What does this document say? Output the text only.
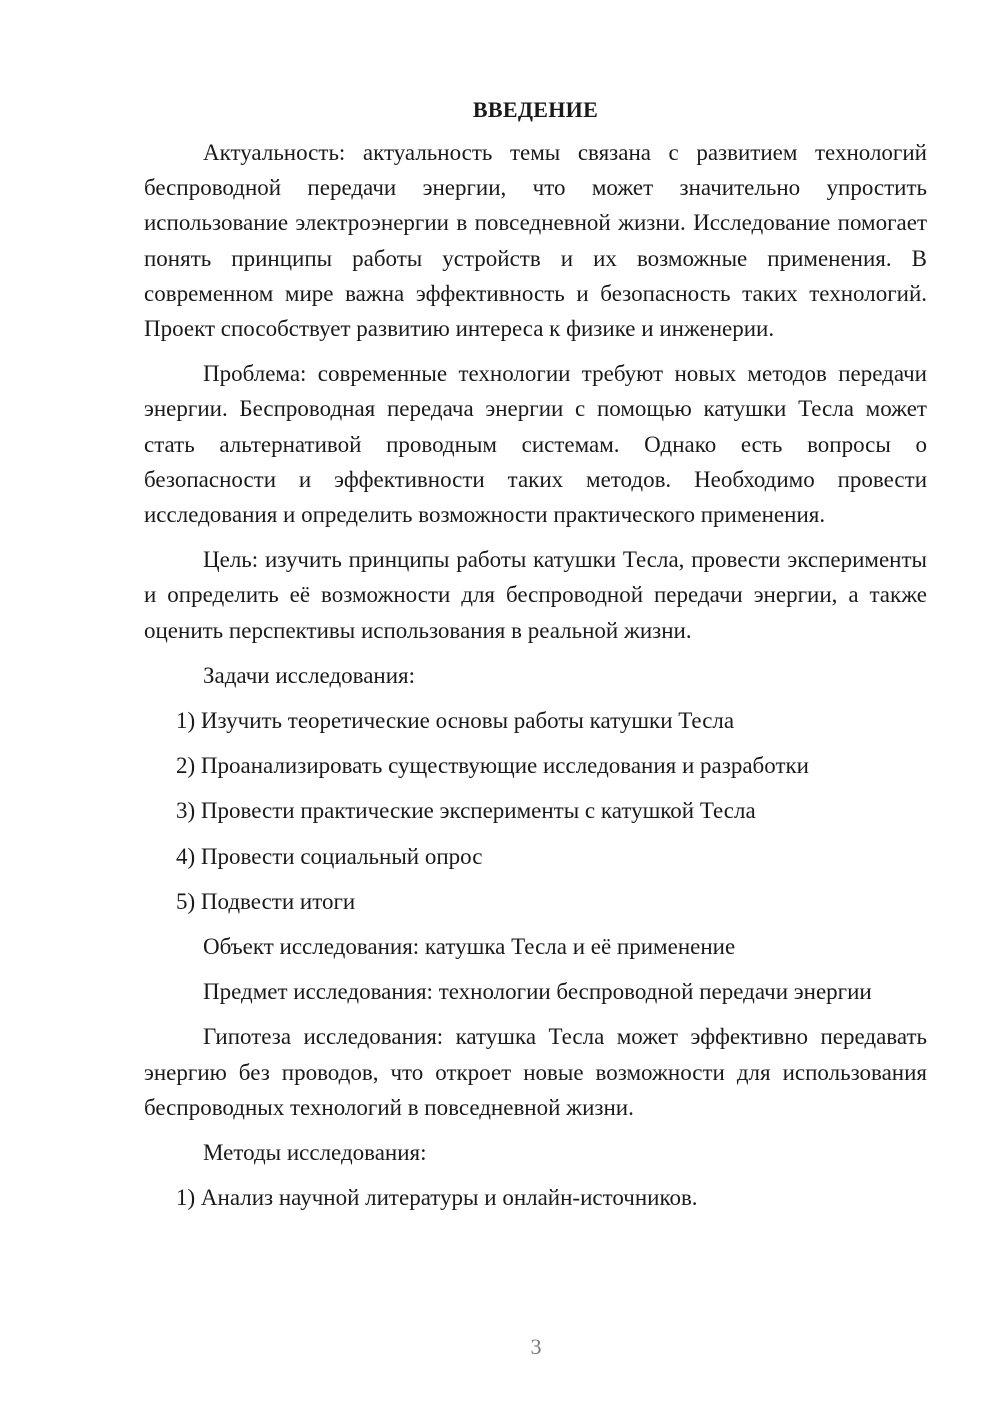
ВВЕДЕНИЕ

Актуальность: актуальность темы связана с развитием технологий беспроводной передачи энергии, что может значительно упростить использование электроэнергии в повседневной жизни. Исследование помогает понять принципы работы устройств и их возможные применения. В современном мире важна эффективность и безопасность таких технологий. Проект способствует развитию интереса к физике и инженерии.

Проблема: современные технологии требуют новых методов передачи энергии. Беспроводная передача энергии с помощью катушки Тесла может стать альтернативой проводным системам. Однако есть вопросы о безопасности и эффективности таких методов. Необходимо провести исследования и определить возможности практического применения.

Цель: изучить принципы работы катушки Тесла, провести эксперименты и определить её возможности для беспроводной передачи энергии, а также оценить перспективы использования в реальной жизни.

Задачи исследования:

1) Изучить теоретические основы работы катушки Тесла

2) Проанализировать существующие исследования и разработки

3) Провести практические эксперименты с катушкой Тесла

4) Провести социальный опрос

5) Подвести итоги

Объект исследования: катушка Тесла и её применение

Предмет исследования: технологии беспроводной передачи энергии

Гипотеза исследования: катушка Тесла может эффективно передавать энергию без проводов, что откроет новые возможности для использования беспроводных технологий в повседневной жизни.

Методы исследования:

1) Анализ научной литературы и онлайн-источников.

3
